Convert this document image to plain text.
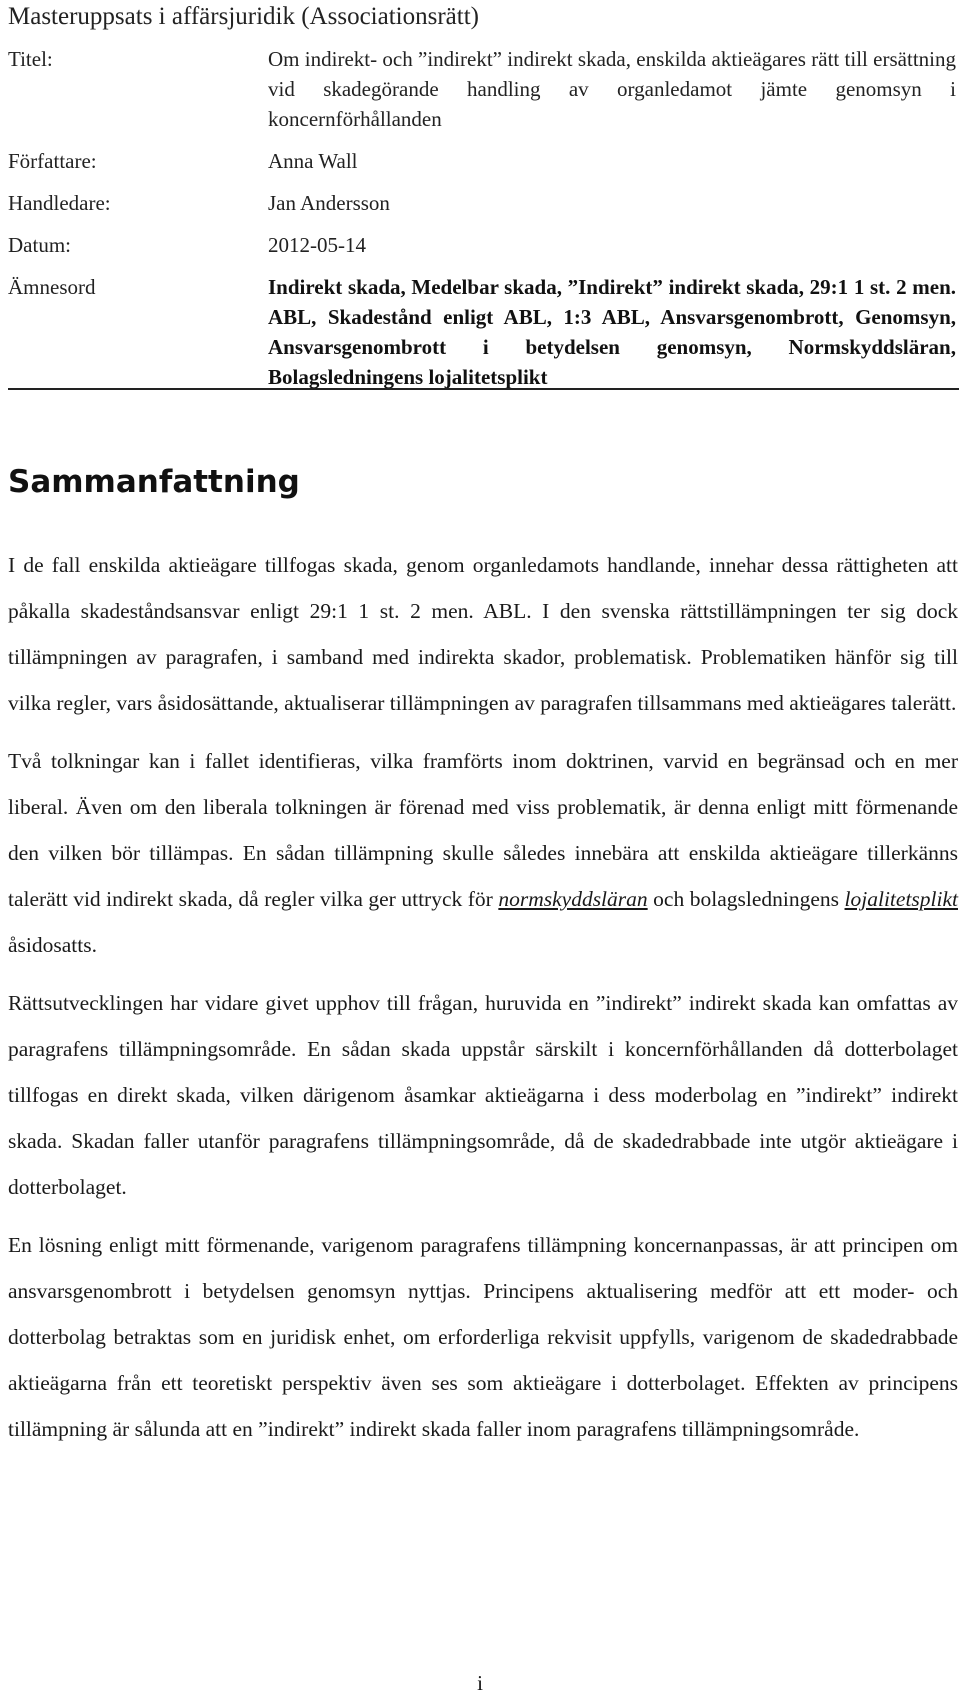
Masteruppsats i affärsjuridik (Associationsrätt)
Titel:	Om indirekt- och ”indirekt” indirekt skada, enskilda aktieägares rätt till ersättning vid skadegörande handling av organledamot jämte genomsyn i koncernförhållanden
Författare:	Anna Wall
Handledare:	Jan Andersson
Datum:	2012-05-14
Ämnesord	Indirekt skada, Medelbar skada, ”Indirekt” indirekt skada, 29:1 1 st. 2 men. ABL, Skadestånd enligt ABL, 1:3 ABL, Ansvarsgenombrott, Genomsyn, Ansvarsgenombrott i betydelsen genomsyn, Normskyddsläran, Bolagsledningens lojalitetsplikt
Sammanfattning

I de fall enskilda aktieägare tillfogas skada, genom organledamots handlande, innehar dessa rättigheten att påkalla skadeståndsansvar enligt 29:1 1 st. 2 men. ABL. I den svenska rättstillämpningen ter sig dock tillämpningen av paragrafen, i samband med indirekta skador, problematisk. Problematiken hänför sig till vilka regler, vars åsidosättande, aktualiserar tillämpningen av paragrafen tillsammans med aktieägares talerätt.

Två tolkningar kan i fallet identifieras, vilka framförts inom doktrinen, varvid en begränsad och en mer liberal. Även om den liberala tolkningen är förenad med viss problematik, är denna enligt mitt förmenande den vilken bör tillämpas. En sådan tillämpning skulle således innebära att enskilda aktieägare tillerkänns talerätt vid indirekt skada, då regler vilka ger uttryck för normskyddsläran och bolagsledningens lojalitetsplikt åsidosatts.

Rättsutvecklingen har vidare givet upphov till frågan, huruvida en ”indirekt” indirekt skada kan omfattas av paragrafens tillämpningsområde. En sådan skada uppstår särskilt i koncernförhållanden då dotterbolaget tillfogas en direkt skada, vilken därigenom åsamkar aktieägarna i dess moderbolag en ”indirekt” indirekt skada. Skadan faller utanför paragrafens tillämpningsområde, då de skadedrabbade inte utgör aktieägare i dotterbolaget.

En lösning enligt mitt förmenande, varigenom paragrafens tillämpning koncernanpassas, är att principen om ansvarsgenombrott i betydelsen genomsyn nyttjas. Principens aktualisering medför att ett moder- och dotterbolag betraktas som en juridisk enhet, om erforderliga rekvisit uppfylls, varigenom de skadedrabbade aktieägarna från ett teoretiskt perspektiv även ses som aktieägare i dotterbolaget. Effekten av principens tillämpning är sålunda att en ”indirekt” indirekt skada faller inom paragrafens tillämpningsområde.

i
